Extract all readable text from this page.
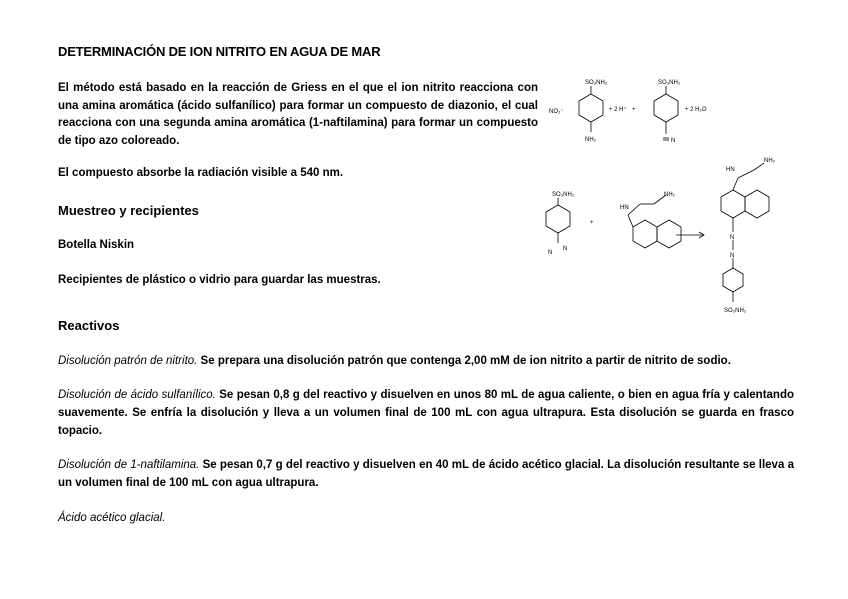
DETERMINACIÓN DE ION NITRITO EN AGUA DE MAR
El método está basado en la reacción de Griess en el que el ion nitrito reacciona con una amina aromática (ácido sulfanílico) para formar un compuesto de diazonio, el cual reacciona con una segunda amina aromática (1-naftilamina) para formar un compuesto de tipo azo coloreado.
El compuesto absorbe la radiación visible a 540 nm.
Muestreo y recipientes
Botella Niskin
Recipientes de plástico o vidrio para guardar las muestras.
Reactivos
Disolución patrón de nitrito. Se prepara una disolución patrón que contenga 2,00 mM de ion nitrito a partir de nitrito de sodio.
Disolución de ácido sulfanílico. Se pesan 0,8 g del reactivo y disuelven en unos 80 mL de agua caliente, o bien en agua fría y calentando suavemente. Se enfría la disolución y lleva a un volumen final de 100 mL con agua ultrapura. Esta disolución se guarda en frasco topacio.
Disolución de 1-naftilamina. Se pesan 0,7 g del reactivo y disuelven en 40 mL de ácido acético glacial. La disolución resultante se lleva a un volumen final de 100 mL con agua ultrapura.
Ácido acético glacial.
SO₃NH₂
NO₂⁻
NH₂
+ 2 H⁺ +
SO₃NH₂
+ 2 H₂O
N
SO₃NH₂
+
N
N
HN
NH₂
HN
NH₂
N
N
SO₃NH₂
